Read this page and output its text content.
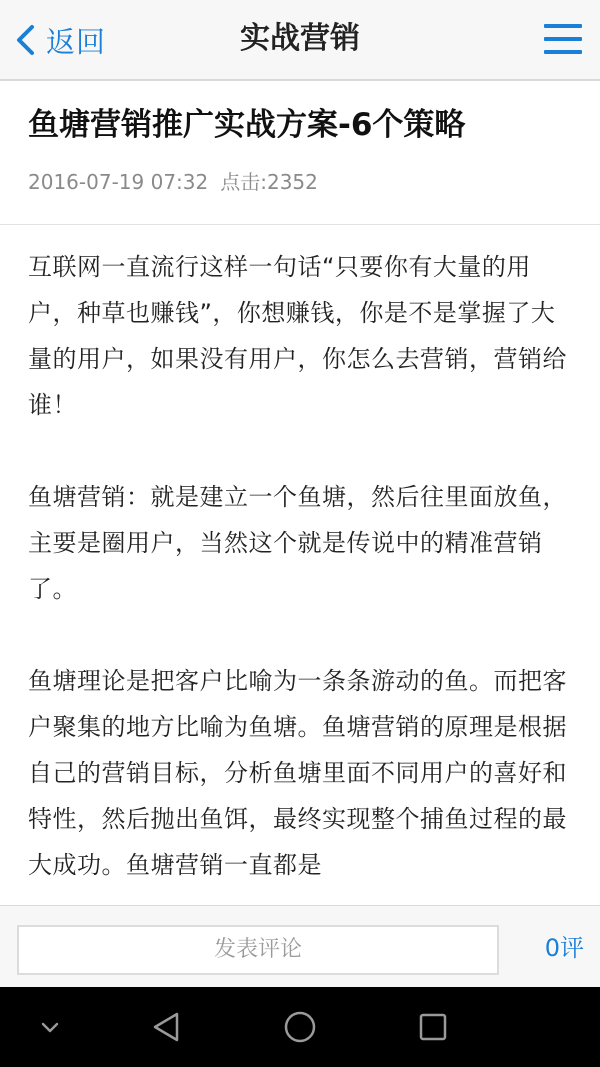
返回	实战营销
鱼塘营销推广实战方案-6个策略
2016-07-19 07:32 点击:2352

互联网一直流行这样一句话“只要你有大量的用户，种草也赚钱”，你想赚钱，你是不是掌握了大量的用户，如果没有用户，你怎么去营销，营销给谁！

鱼塘营销：就是建立一个鱼塘，然后往里面放鱼，主要是圈用户，当然这个就是传说中的精准营销了。

鱼塘理论是把客户比喻为一条条游动的鱼。而把客户聚集的地方比喻为鱼塘。鱼塘营销的原理是根据自己的营销目标，分析鱼塘里面不同用户的喜好和特性，然后抛出鱼饵，最终实现整个捕鱼过程的最大成功。鱼塘营销一直都是

发表评论	0评
